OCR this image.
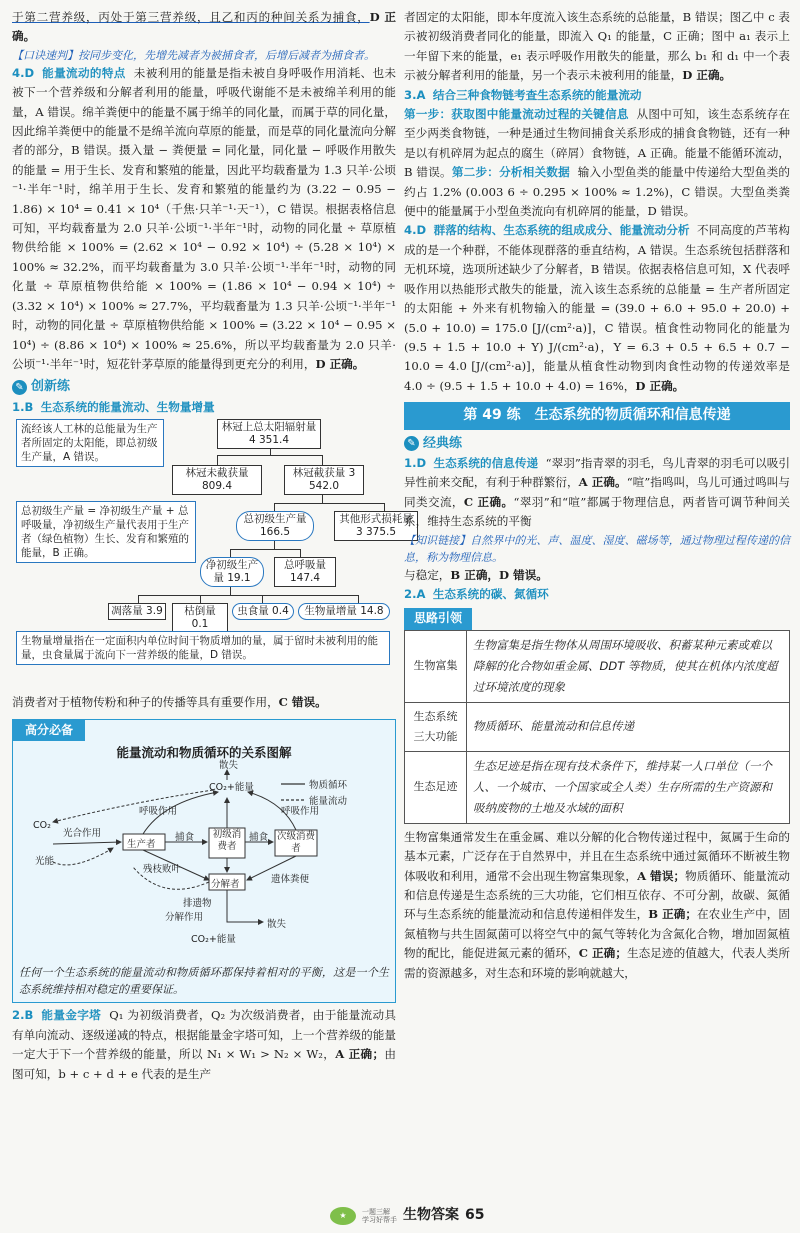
于第二营养级，丙处于第三营养级，且乙和丙的种间关系为捕食，D 正确。

【口诀速判】按同步变化，先增先减者为被捕食者，后增后减者为捕食者。

4.D 能量流动的特点 未被利用的能量是指未被自身呼吸作用消耗、也未被下一个营养级和分解者利用的能量，呼吸代谢能不是未被绵羊利用的能量，A 错误。绵羊粪便中的能量不属于绵羊的同化量，而属于草的同化量，因此绵羊粪便中的能量不是绵羊流向草原的能量，而是草的同化量流向分解者的部分，B 错误。摄入量 − 粪便量 = 同化量，同化量 − 呼吸作用散失的能量 = 用于生长、发育和繁殖的能量，因此平均载畜量为 1.3 只羊·公顷⁻¹·半年⁻¹时，绵羊用于生长、发育和繁殖的能量约为 (3.22 − 0.95 − 1.86) × 10⁴ = 0.41 × 10⁴（千焦·只羊⁻¹·天⁻¹），C 错误。根据表格信息可知，平均载畜量为 2.0 只羊·公顷⁻¹·半年⁻¹时，动物的同化量 ÷ 草原植物供给能 × 100% = (2.62 × 10⁴ − 0.92 × 10⁴) ÷ (5.28 × 10⁴) × 100% ≈ 32.2%，而平均载畜量为 3.0 只羊·公顷⁻¹·半年⁻¹时，动物的同化量 ÷ 草原植物供给能 × 100% = (1.86 × 10⁴ − 0.94 × 10⁴) ÷ (3.32 × 10⁴) × 100% ≈ 27.7%，平均载畜量为 1.3 只羊·公顷⁻¹·半年⁻¹时，动物的同化量 ÷ 草原植物供给能 × 100% = (3.22 × 10⁴ − 0.95 × 10⁴) ÷ (8.86 × 10⁴) × 100% ≈ 25.6%，所以平均载畜量为 2.0 只羊·公顷⁻¹·半年⁻¹时，短花针茅草原的能量得到更充分的利用，D 正确。

✎ 创新练

1.B 生态系统的能量流动、生物量增量

林冠上总太阳辐射量 4 351.4
林冠未截获量 809.4
林冠截获量 3 542.0
总初级生产量 166.5
其他形式损耗量 3 375.5
净初级生产量 19.1
总呼吸量 147.4
凋落量 3.9	枯倒量 0.1
虫食量 0.4	生物量增量 14.8
流经该人工林的总能量为生产者所固定的太阳能，即总初级生产量，A 错误。
总初级生产量 = 净初级生产量 + 总呼吸量，净初级生产量代表用于生产者（绿色植物）生长、发育和繁殖的能量，B 正确。
生物量增量指在一定面积内单位时间干物质增加的量，属于留时未被利用的能量，虫食量属于流向下一营养级的能量，D 错误。

消费者对于植物传粉和种子的传播等具有重要作用，C 错误。

高分必备
能量流动和物质循环的关系图解
散失
CO₂+能量	物质循环
能量流动
CO₂
光合作用
光能
呼吸作用	呼吸作用
生产者
捕食 初级消费者
捕食 次级消费者
残枝败叶
排遗物
遗体粪便
分解者
分解作用
CO₂+能量
散失

任何一个生态系统的能量流动和物质循环都保持着相对的平衡，这是一个生态系统维持相对稳定的重要保证。

2.B 能量金字塔 Q₁ 为初级消费者，Q₂ 为次级消费者，由于能量流动具有单向流动、逐级递减的特点，根据能量金字塔可知，上一个营养级的能量一定大于下一个营养级的能量，所以 N₁ × W₁ > N₂ × W₂，A 正确；由图可知，b + c + d + e 代表的是生产

者固定的太阳能，即本年度流入该生态系统的总能量，B 错误；图乙中 c 表示被初级消费者同化的能量，即流入 Q₁ 的能量，C 正确；图中 a₁ 表示上一年留下来的能量，e₁ 表示呼吸作用散失的能量，那么 b₁ 和 d₁ 中一个表示被分解者利用的能量，另一个表示未被利用的能量，D 正确。

3.A 结合三种食物链考查生态系统的能量流动

第一步：获取图中能量流动过程的关键信息 从图中可知，该生态系统存在至少两类食物链，一种是通过生物间捕食关系形成的捕食食物链，还有一种是以有机碎屑为起点的腐生（碎屑）食物链，A 正确。能量不能循环流动，B 错误。第二步：分析相关数据 输入小型鱼类的能量中传递给大型鱼类的约占 1.2% (0.003 6 ÷ 0.295 × 100% ≈ 1.2%)，C 错误。大型鱼类粪便中的能量属于小型鱼类流向有机碎屑的能量，D 错误。

4.D 群落的结构、生态系统的组成成分、能量流动分析 不同高度的芦苇构成的是一个种群，不能体现群落的垂直结构，A 错误。生态系统包括群落和无机环境，选项所述缺少了分解者，B 错误。依据表格信息可知，X 代表呼吸作用以热能形式散失的能量，流入该生态系统的总能量 = 生产者所固定的太阳能 + 外来有机物输入的能量 = (39.0 + 6.0 + 95.0 + 20.0) + (5.0 + 10.0) = 175.0 [J/(cm²·a)]，C 错误。植食性动物同化的能量为 (9.5 + 1.5 + 10.0 + Y) J/(cm²·a)，Y = 6.3 + 0.5 + 6.5 + 0.7 − 10.0 = 4.0 [J/(cm²·a)]，能量从植食性动物到肉食性动物的传递效率是 4.0 ÷ (9.5 + 1.5 + 10.0 + 4.0) = 16%，D 正确。

第 49 练　生态系统的物质循环和信息传递
✎ 经典练

1.D 生态系统的信息传递 “翠羽”指青翠的羽毛，鸟儿青翠的羽毛可以吸引异性前来交配，有利于种群繁衍，A 正确。“喧”指鸣叫，鸟儿可通过鸣叫与同类交流，C 正确。“翠羽”和“喧”都属于物理信息，两者皆可调节种间关系，维持生态系统的平衡

【知识链接】自然界中的光、声、温度、湿度、磁场等，通过物理过程传递的信息，称为物理信息。

与稳定，B 正确，D 错误。

2.A 生态系统的碳、氮循环

思路引领
生物富集	生物富集是指生物体从周围环境吸收、积蓄某种元素或难以降解的化合物如重金属、DDT 等物质，使其在机体内浓度超过环境浓度的现象
生态系统三大功能	物质循环、能量流动和信息传递
生态足迹	生态足迹是指在现有技术条件下，维持某一人口单位（一个人、一个城市、一个国家或全人类）生存所需的生产资源和吸纳废物的土地及水域的面积

生物富集通常发生在重金属、难以分解的化合物传递过程中，氮属于生命的基本元素，广泛存在于自然界中，并且在生态系统中通过氮循环不断被生物体吸收和利用，通常不会出现生物富集现象，A 错误；物质循环、能量流动和信息传递是生态系统的三大功能，它们相互依存、不可分割，故碳、氮循环与生态系统的能量流动和信息传递相伴发生，B 正确；在农业生产中，固氮植物与共生固氮菌可以将空气中的氮气等转化为含氮化合物，增加固氮植物的配比，能促进氮元素的循环，C 正确；生态足迹的值越大，代表人类所需的资源越多，对生态和环境的影响就越大，

★	一题三解
学习好帮手 生物答案 65
